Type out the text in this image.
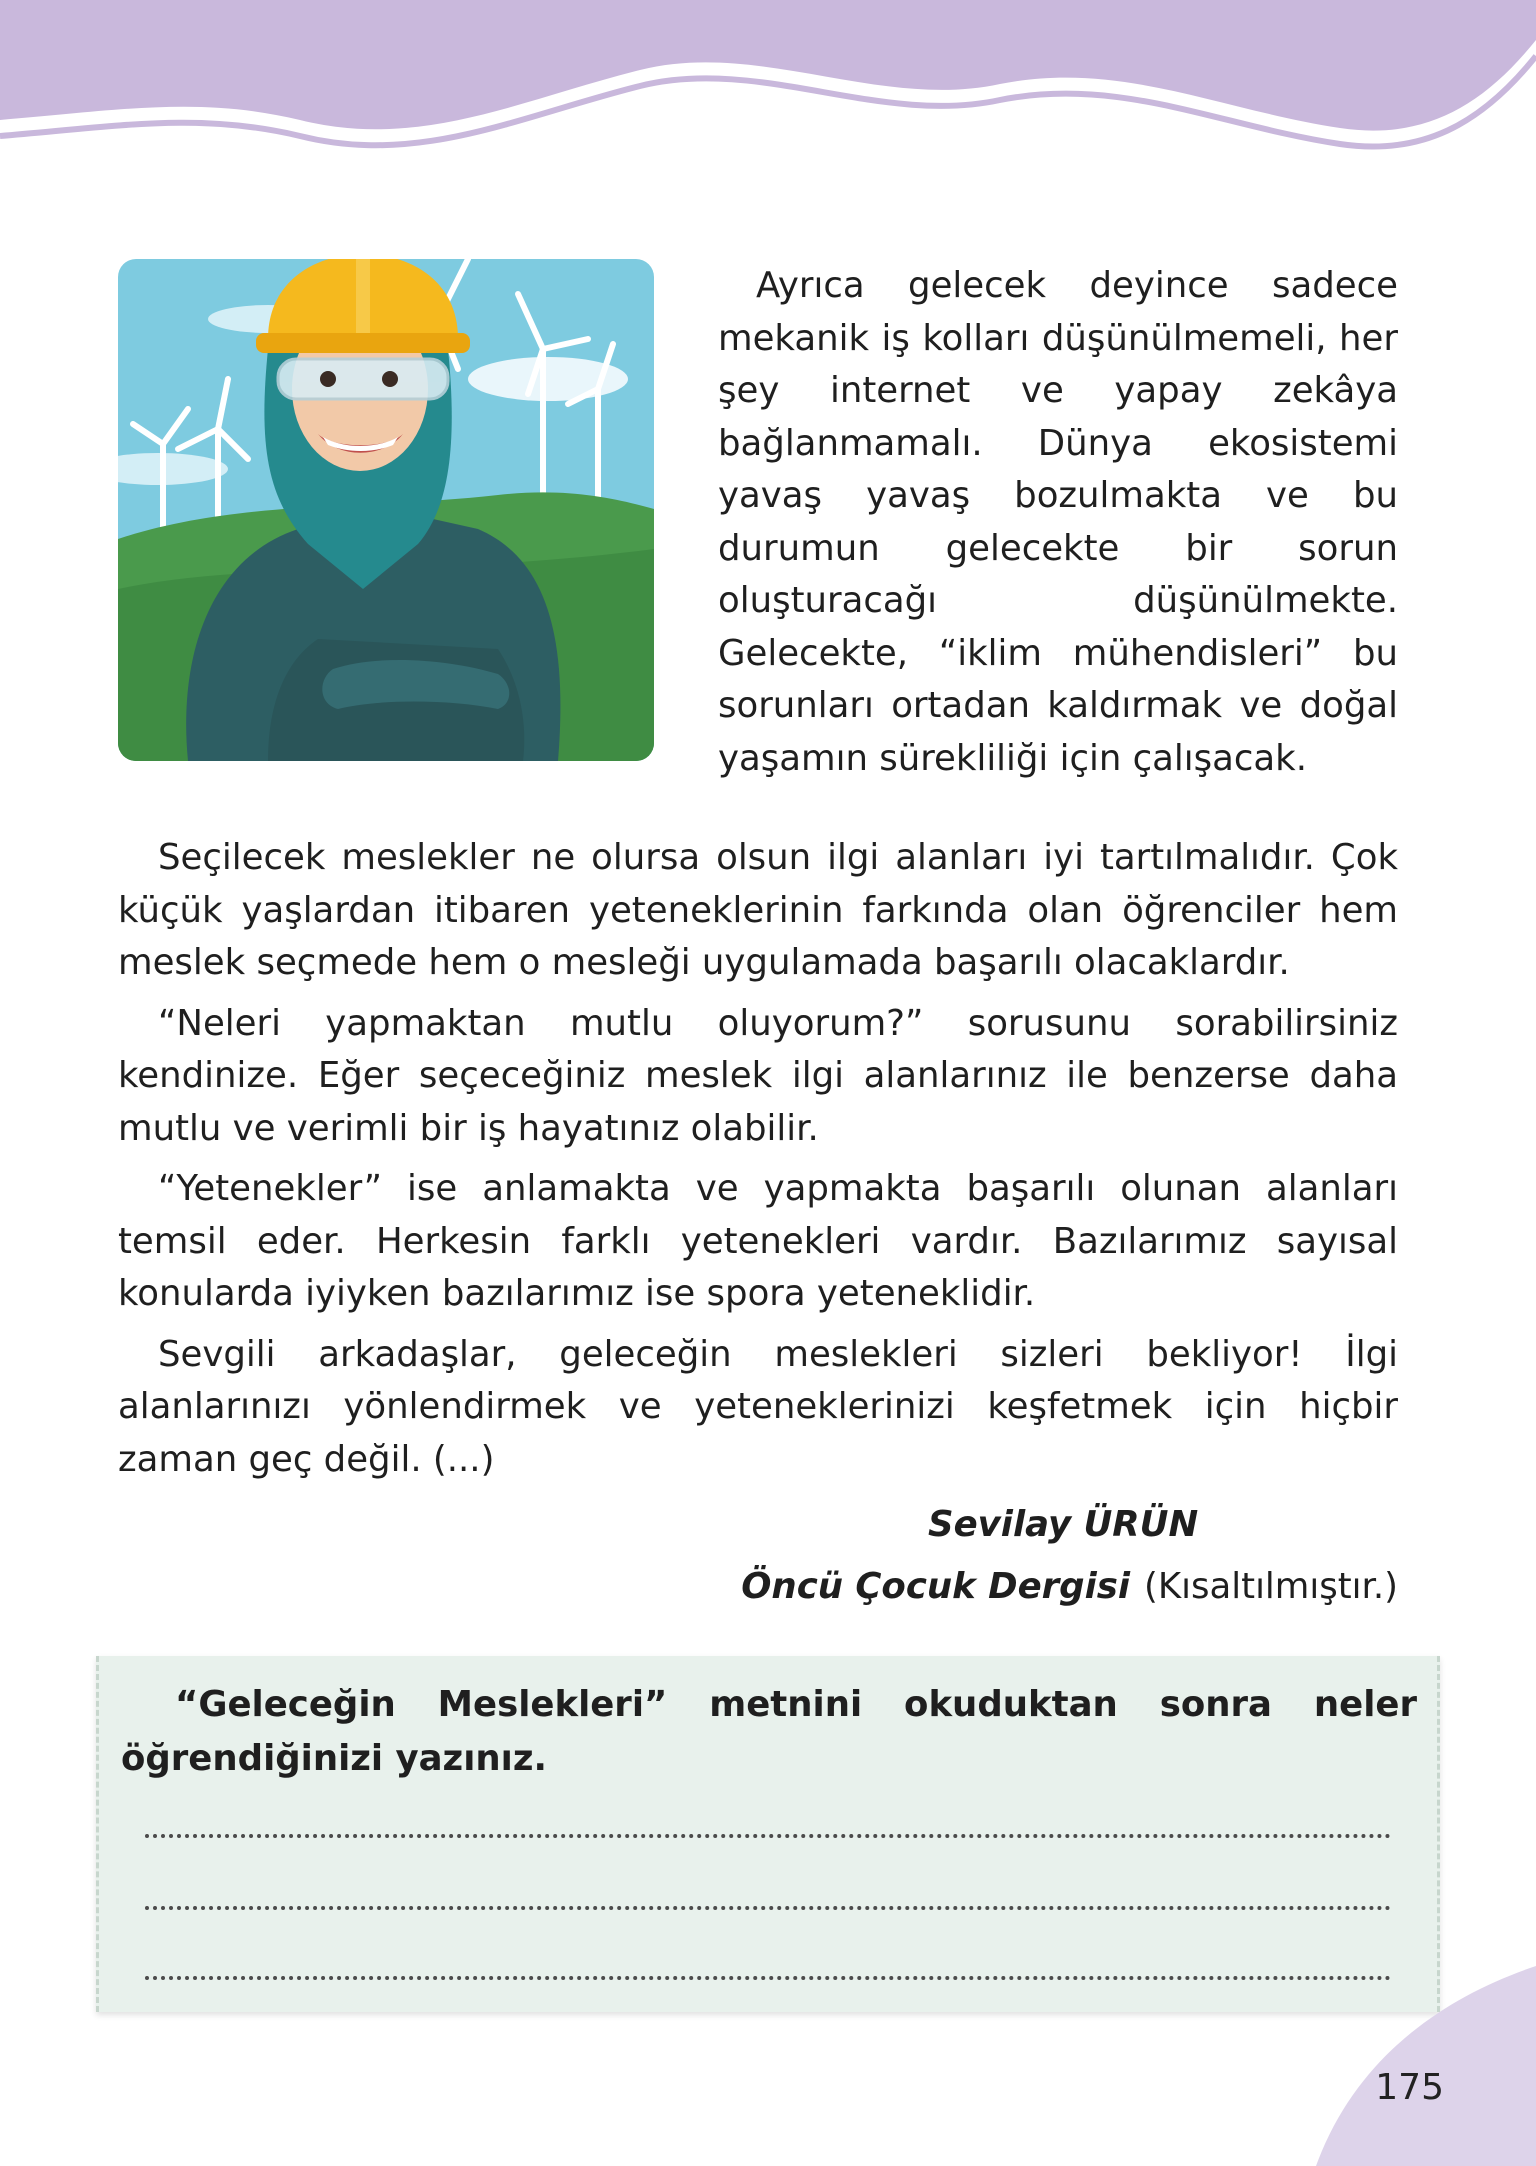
Ayrıca gelecek deyince sadece mekanik iş kolları düşünülmemeli, her şey internet ve yapay zekâya bağlanmamalı. Dünya ekosistemi yavaş yavaş bozulmakta ve bu durumun gelecekte bir sorun oluşturacağı düşünülmekte. Gelecekte, “iklim mühendisleri” bu sorunları ortadan kaldırmak ve doğal yaşamın sürekliliği için çalışacak.

Seçilecek meslekler ne olursa olsun ilgi alanları iyi tartılmalıdır. Çok küçük yaşlardan itibaren yeteneklerinin farkında olan öğrenciler hem meslek seçmede hem o mesleği uygulamada başarılı olacaklardır.

“Neleri yapmaktan mutlu oluyorum?” sorusunu sorabilirsiniz kendinize. Eğer seçeceğiniz meslek ilgi alanlarınız ile benzerse daha mutlu ve verimli bir iş hayatınız olabilir.

“Yetenekler” ise anlamakta ve yapmakta başarılı olunan alanları temsil eder. Herkesin farklı yetenekleri vardır. Bazılarımız sayısal konularda iyiyken bazılarımız ise spora yeteneklidir.

Sevgili arkadaşlar, geleceğin meslekleri sizleri bekliyor! İlgi alanlarınızı yönlendirmek ve yeteneklerinizi keşfetmek için hiçbir zaman geç değil. (...)

Sevilay ÜRÜN

Öncü Çocuk Dergisi (Kısaltılmıştır.)

“Geleceğin Meslekleri” metnini okuduktan sonra neler öğrendiğinizi yazınız.

175
